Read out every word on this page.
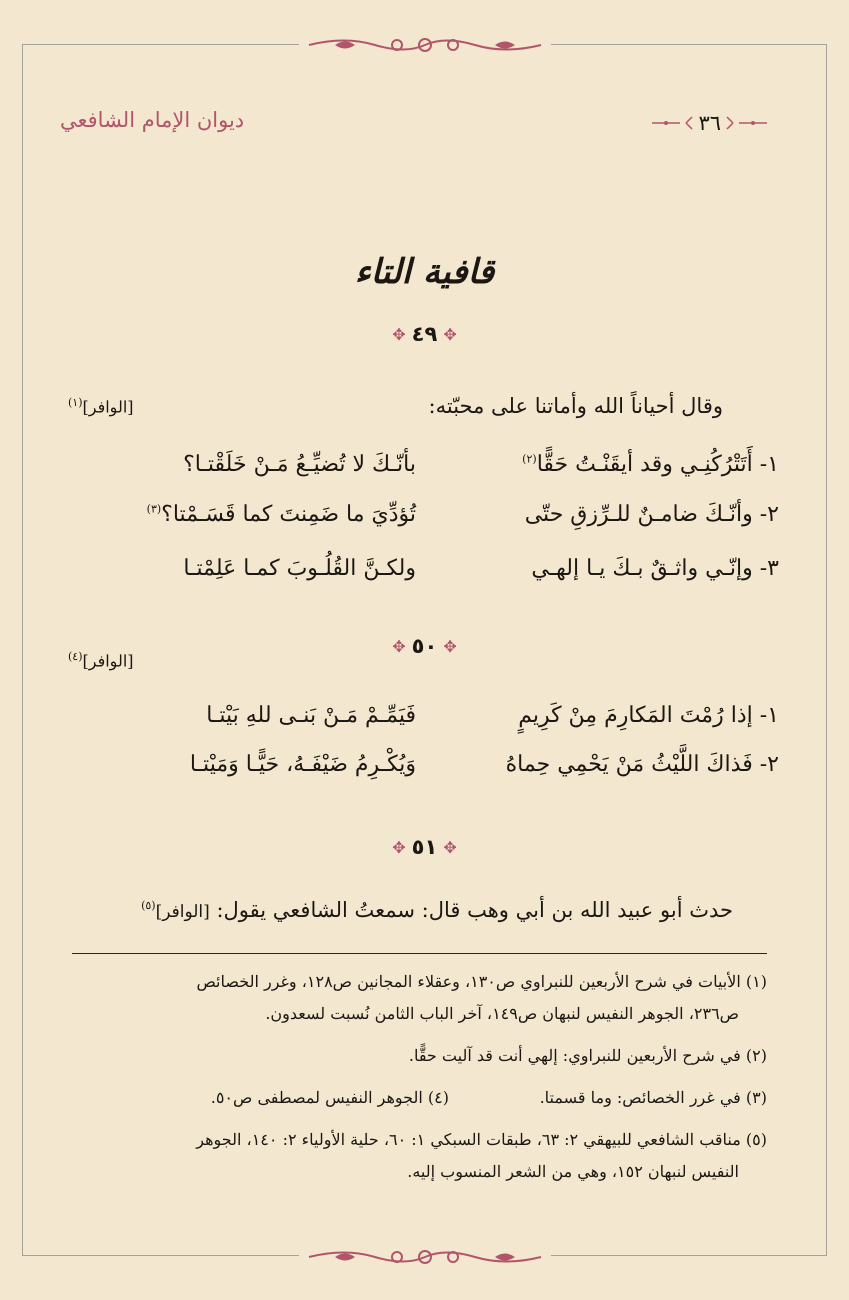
ديوان الإمام الشافعي	٣٦
قافية التاء
✥ ٤٩ ✥
وقال أحياناً الله وأماتنا على محبّته:
[الوافر]$^{(١)}$
١- أَتَتْرُكُنِـي وقد أيقَنْـتُ حَقًّا$^{(٢)}$
بأنّـكَ لا تُضيِّـعُ مَـنْ خَلَقْتـا؟
٢- وأنّـكَ ضامـنٌ للـرِّزقِ حتّى
تُؤدِّيَ ما ضَمِنتَ كما قَسَـمْتا؟$^{(٣)}$
٣- وإنّـي واثـقٌ بـكَ يـا إلهـي
ولكـنَّ القُلُـوبَ كمـا عَلِمْتـا
✥ ٥٠ ✥
[الوافر]$^{(٤)}$
١- إذا رُمْتَ المَكارِمَ مِنْ كَرِيمٍ
فَيَمِّـمْ مَـنْ بَنـى للهِ بَيْتـا
٢- فَذاكَ اللَّيْثُ مَنْ يَحْمِي حِماهُ
وَيُكْـرِمُ ضَيْفَـهُ، حَيًّـا وَمَيْتـا
✥ ٥١ ✥
حدث أبو عبيد الله بن أبي وهب قال: سمعتُ الشافعي يقول: [الوافر]$^{(٥)}$
(١) الأبيات في شرح الأربعين للنبراوي ص١٣٠، وعقلاء المجانين ص١٢٨، وغرر الخصائص
ص٢٣٦، الجوهر النفيس لنبهان ص١٤٩، آخر الباب الثامن نُسبت لسعدون.
(٢) في شرح الأربعين للنبراوي: إلهي أنت قد آليت حقًّا.
(٣) في غرر الخصائص: وما قسمتا.
(٤) الجوهر النفيس لمصطفى ص٥٠.
(٥) مناقب الشافعي للبيهقي ٢: ٦٣، طبقات السبكي ١: ٦٠، حلية الأولياء ٢: ١٤٠، الجوهر
النفيس لنبهان ١٥٢، وهي من الشعر المنسوب إليه.
